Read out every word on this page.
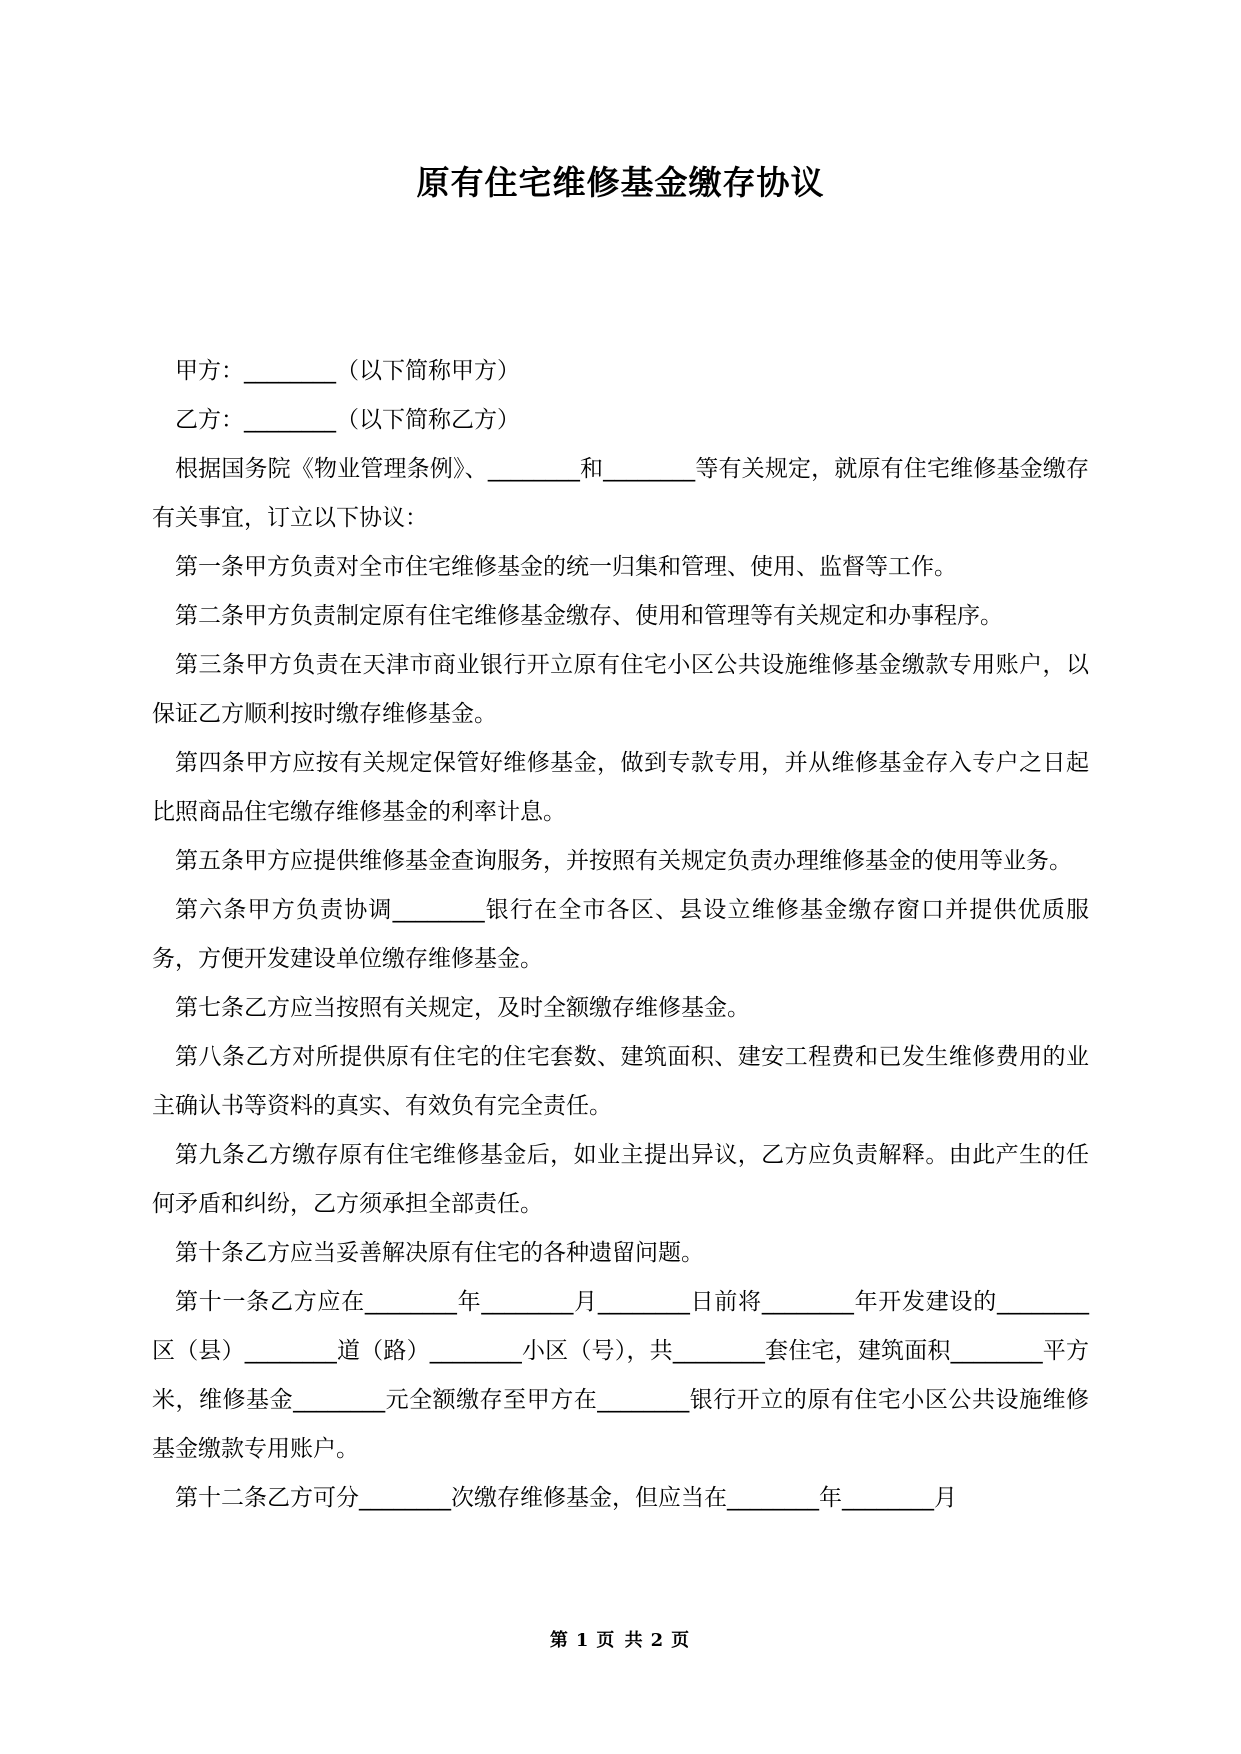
原有住宅维修基金缴存协议

甲方：________（以下简称甲方）

乙方：________（以下简称乙方）

根据国务院《物业管理条例》、________和________等有关规定，就原有住宅维修基金缴存有关事宜，订立以下协议：

第一条甲方负责对全市住宅维修基金的统一归集和管理、使用、监督等工作。

第二条甲方负责制定原有住宅维修基金缴存、使用和管理等有关规定和办事程序。

第三条甲方负责在天津市商业银行开立原有住宅小区公共设施维修基金缴款专用账户，以保证乙方顺利按时缴存维修基金。

第四条甲方应按有关规定保管好维修基金，做到专款专用，并从维修基金存入专户之日起比照商品住宅缴存维修基金的利率计息。

第五条甲方应提供维修基金查询服务，并按照有关规定负责办理维修基金的使用等业务。

第六条甲方负责协调________银行在全市各区、县设立维修基金缴存窗口并提供优质服务，方便开发建设单位缴存维修基金。

第七条乙方应当按照有关规定，及时全额缴存维修基金。

第八条乙方对所提供原有住宅的住宅套数、建筑面积、建安工程费和已发生维修费用的业主确认书等资料的真实、有效负有完全责任。

第九条乙方缴存原有住宅维修基金后，如业主提出异议，乙方应负责解释。由此产生的任何矛盾和纠纷，乙方须承担全部责任。

第十条乙方应当妥善解决原有住宅的各种遗留问题。

第十一条乙方应在________年________月________日前将________年开发建设的________区（县）________道（路）________小区（号），共________套住宅，建筑面积________平方米，维修基金________元全额缴存至甲方在________银行开立的原有住宅小区公共设施维修基金缴款专用账户。

第十二条乙方可分________次缴存维修基金，但应当在________年________月

第 1 页 共 2 页
